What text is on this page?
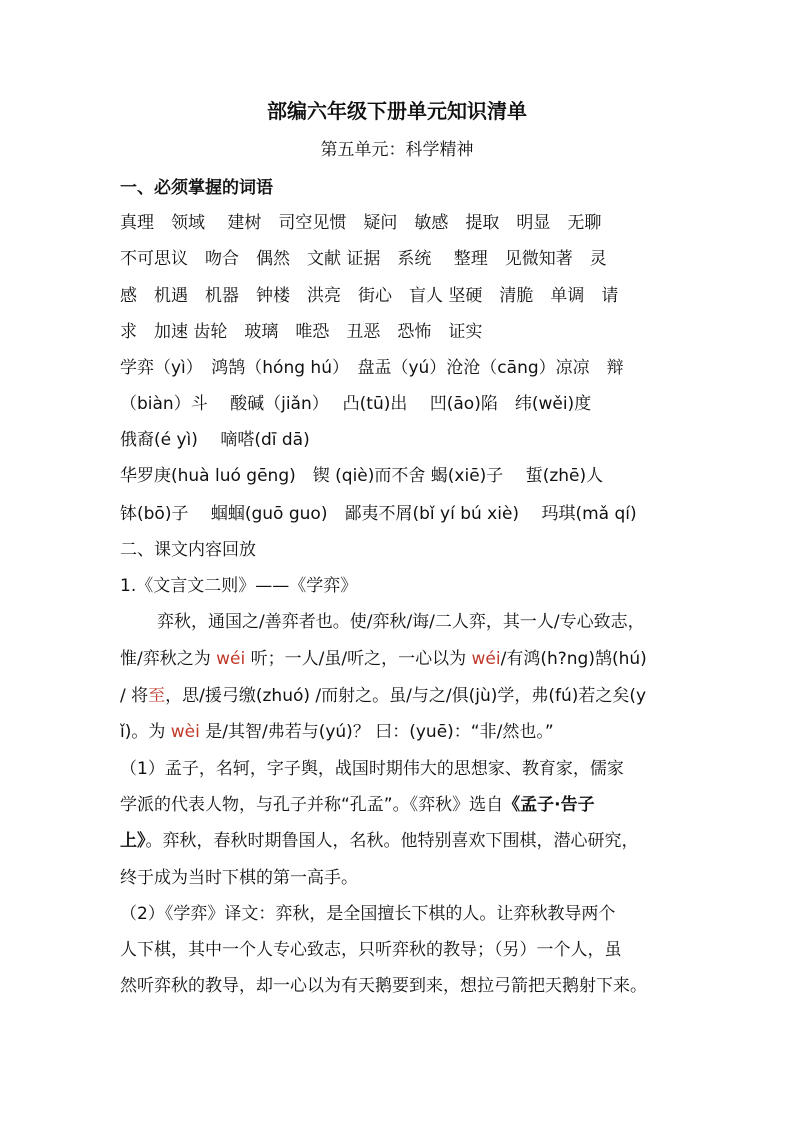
部编六年级下册单元知识清单
第五单元：科学精神
一、必须掌握的词语
真理　领域　 建树　司空见惯　疑问　敏感　提取　明显　无聊
不可思议　吻合　偶然　文献 证据　系统　 整理　见微知著　灵
感　机遇　机器　钟楼　洪亮　街心　盲人 坚硬　清脆　单调　请
求　加速 齿轮　玻璃　唯恐　丑恶　恐怖　证实
学弈（yì）　鸿鹄（hóng hú）　盘盂（yú）沧沧（cāng）凉凉　辩
（biàn）斗　 酸碱（jiǎn）　 凸(tū)出　 凹(āo)陷　纬(wěi)度
俄裔(é yì)　 嘀嗒(dī dā)
华罗庚(huà luó gēng)　锲 (qiè)而不舍 蝎(xiē)子　 蜇(zhē)人
钵(bō)子　 蝈蝈(guō guo)　鄙夷不屑(bǐ yí bú xiè)　 玛琪(mǎ qí)
二、课文内容回放
1.《文言文二则》——《学弈》
弈秋，通国之/善弈者也。使/弈秋/诲/二人弈，其一人/专心致志，
惟/弈秋之为 wéi 听；一人/虽/听之，一心以为 wéi/有鸿(h?ng)鹄(hú)
/ 将至，思/援弓缴(zhuó) /而射之。虽/与之/俱(jù)学，弗(fú)若之矣(y
ǐ)。为 wèi 是/其智/弗若与(yú)？ 曰：(yuē)：“非/然也。”
（1）孟子，名轲，字子舆，战国时期伟大的思想家、教育家，儒家
学派的代表人物，与孔子并称“孔孟”。《弈秋》选自《孟子·告子
上》。弈秋，春秋时期鲁国人，名秋。他特别喜欢下围棋，潜心研究，
终于成为当时下棋的第一高手。
（2）《学弈》译文：弈秋，是全国擅长下棋的人。让弈秋教导两个
人下棋，其中一个人专心致志，只听弈秋的教导；（另）一个人，虽
然听弈秋的教导，却一心以为有天鹅要到来，想拉弓箭把天鹅射下来。
